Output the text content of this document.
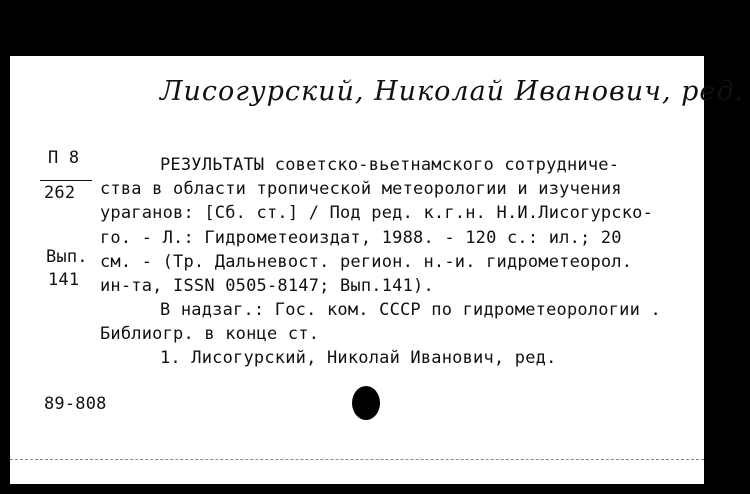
Лисогурский, Николай Иванович, ред.
П 8
262
Вып.
141
РЕЗУЛЬТАТЫ советско-вьетнамского сотрудниче-
ства в области тропической метеорологии и изучения
ураганов: [Сб. ст.] / Под ред. к.г.н. Н.И.Лисогурско-
го. - Л.: Гидрометеоиздат, 1988. - 120 с.: ил.; 20
см. - (Тр. Дальневост. регион. н.-и. гидрометеорол.
ин-та, ISSN 0505-8147; Вып.141).
В надзаг.: Гос. ком. СССР по гидрометеорологии .
Библиогр. в конце ст.
1. Лисогурский, Николай Иванович, ред.
89-808
